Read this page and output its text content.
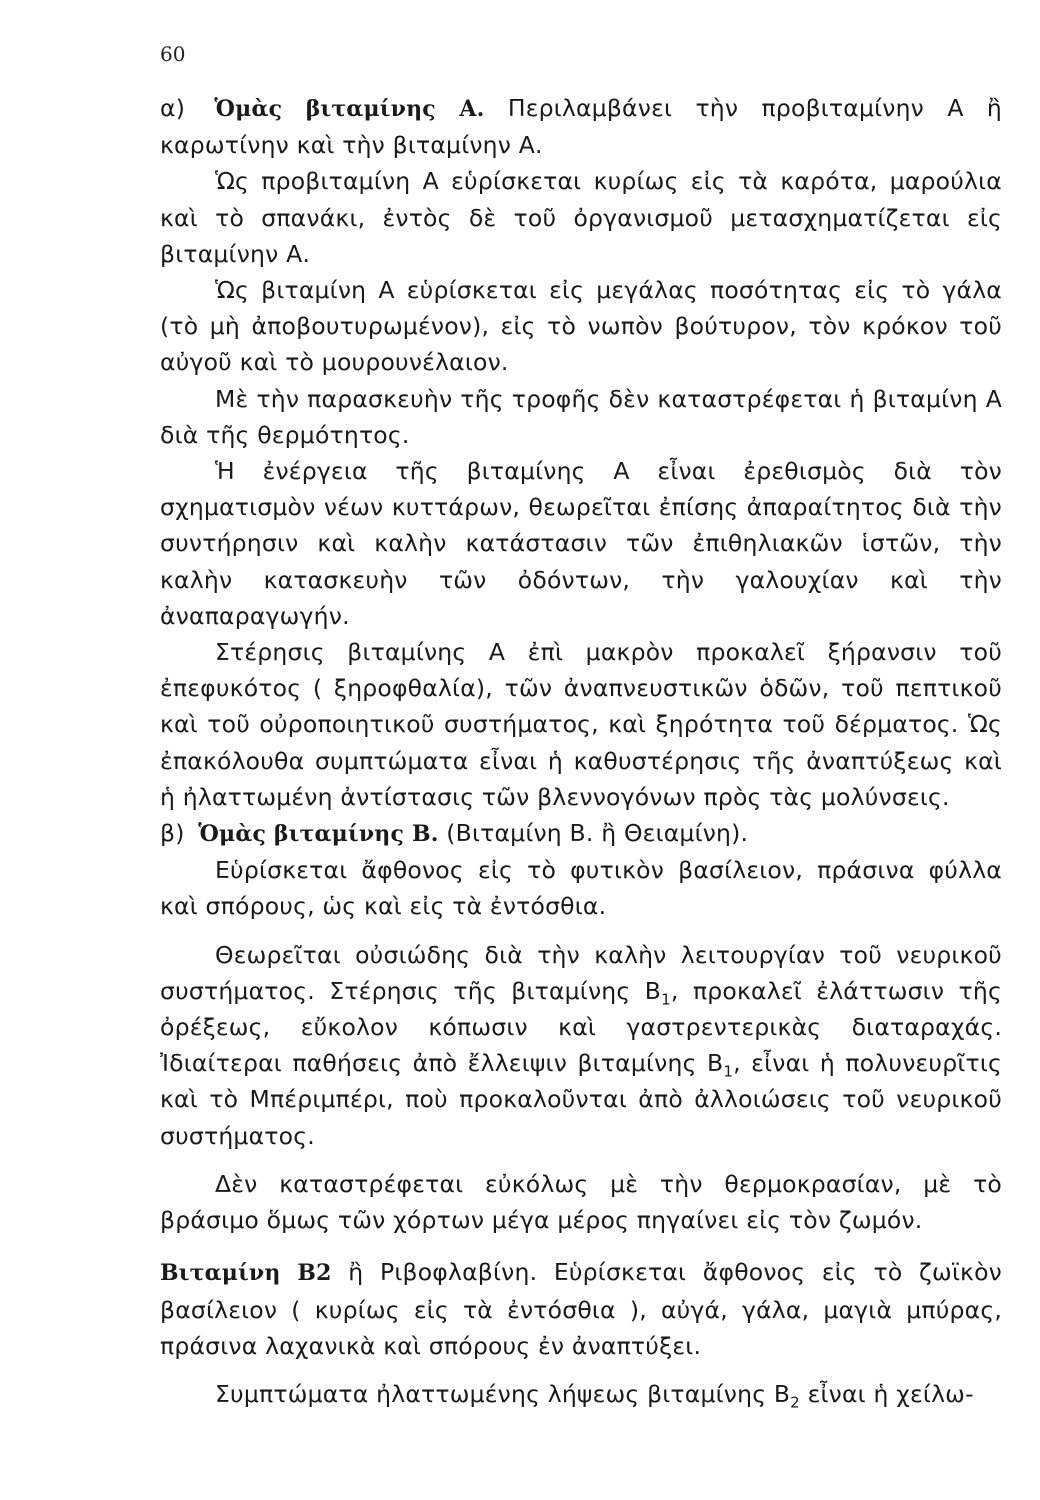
60

α) Ὁμὰς βιταμίνης Α. Περιλαμβάνει τὴν προβιταμίνην Α ἢ καρωτίνην καὶ τὴν βιταμίνην Α.

Ὡς προβιταμίνη Α εὑρίσκεται κυρίως εἰς τὰ καρότα, μαρούλια καὶ τὸ σπανάκι, ἐντὸς δὲ τοῦ ὀργανισμοῦ μετασχηματίζεται εἰς βιταμίνην Α.

Ὡς βιταμίνη Α εὑρίσκεται εἰς μεγάλας ποσότητας εἰς τὸ γάλα (τὸ μὴ ἀποβουτυρωμένον), εἰς τὸ νωπὸν βούτυρον, τὸν κρόκον τοῦ αὐγοῦ καὶ τὸ μουρουνέλαιον.

Μὲ τὴν παρασκευὴν τῆς τροφῆς δὲν καταστρέφεται ἡ βιταμίνη Α διὰ τῆς θερμότητος.

Ἡ ἐνέργεια τῆς βιταμίνης Α εἶναι ἐρεθισμὸς διὰ τὸν σχηματισμὸν νέων κυττάρων, θεωρεῖται ἐπίσης ἀπαραίτητος διὰ τὴν συντήρησιν καὶ καλὴν κατάστασιν τῶν ἐπιθηλιακῶν ἱστῶν, τὴν καλὴν κατασκευὴν τῶν ὀδόντων, τὴν γαλουχίαν καὶ τὴν ἀναπαραγωγήν.

Στέρησις βιταμίνης Α ἐπὶ μακρὸν προκαλεῖ ξήρανσιν τοῦ ἐπεφυκότος ( ξηροφθαλία), τῶν ἀναπνευστικῶν ὁδῶν, τοῦ πεπτικοῦ καὶ τοῦ οὐροποιητικοῦ συστήματος, καὶ ξηρότητα τοῦ δέρματος. Ὡς ἐπακόλουθα συμπτώματα εἶναι ἡ καθυστέρησις τῆς ἀναπτύξεως καὶ ἡ ἠλαττωμένη ἀντίστασις τῶν βλεννογόνων πρὸς τὰς μολύνσεις.

β) Ὁμὰς βιταμίνης Β. (Βιταμίνη Β. ἢ Θειαμίνη).

Εὑρίσκεται ἄφθονος εἰς τὸ φυτικὸν βασίλειον, πράσινα φύλλα καὶ σπόρους, ὡς καὶ εἰς τὰ ἐντόσθια.

Θεωρεῖται οὐσιώδης διὰ τὴν καλὴν λειτουργίαν τοῦ νευρικοῦ συστήματος. Στέρησις τῆς βιταμίνης $B_1$, προκαλεῖ ἐλάττωσιν τῆς ὀρέξεως, εὔκολον κόπωσιν καὶ γαστρεντερικὰς διαταραχάς. Ἰδιαίτεραι παθήσεις ἀπὸ ἔλλειψιν βιταμίνης $B_1$, εἶναι ἡ πολυνευρῖτις καὶ τὸ Μπέριμπέρι, ποὺ προκαλοῦνται ἀπὸ ἀλλοιώσεις τοῦ νευρικοῦ συστήματος.

Δὲν καταστρέφεται εὐκόλως μὲ τὴν θερμοκρασίαν, μὲ τὸ βράσιμο ὅμως τῶν χόρτων μέγα μέρος πηγαίνει εἰς τὸν ζωμόν.

Βιταμίνη Β2 ἢ Ριβοφλαβίνη. Εὑρίσκεται ἄφθονος εἰς τὸ ζωϊκὸν βασίλειον ( κυρίως εἰς τὰ ἐντόσθια ), αὐγά, γάλα, μαγιὰ μπύρας, πράσινα λαχανικὰ καὶ σπόρους ἐν ἀναπτύξει.

Συμπτώματα ἠλαττωμένης λήψεως βιταμίνης $B_2$ εἶναι ἡ χείλω-
